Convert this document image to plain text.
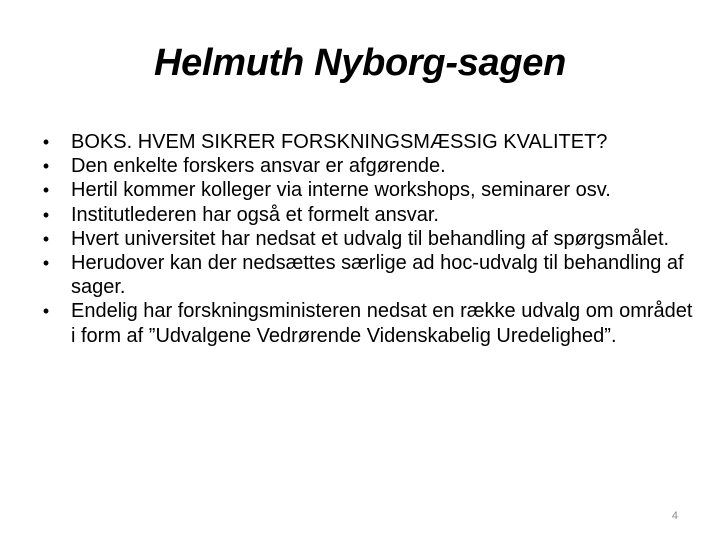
Helmuth Nyborg-sagen
• BOKS. HVEM SIKRER FORSKNINGSMÆSSIG KVALITET?
• Den enkelte forskers ansvar er afgørende.
• Hertil kommer kolleger via interne workshops, seminarer osv.
• Institutlederen har også et formelt ansvar.
• Hvert universitet har nedsat et udvalg til behandling af spørgsmålet.
• Herudover kan der nedsættes særlige ad hoc-udvalg til behandling af sager.
• Endelig har forskningsministeren nedsat en række udvalg om området i form af ”Udvalgene Vedrørende Videnskabelig Uredelighed”.
4
